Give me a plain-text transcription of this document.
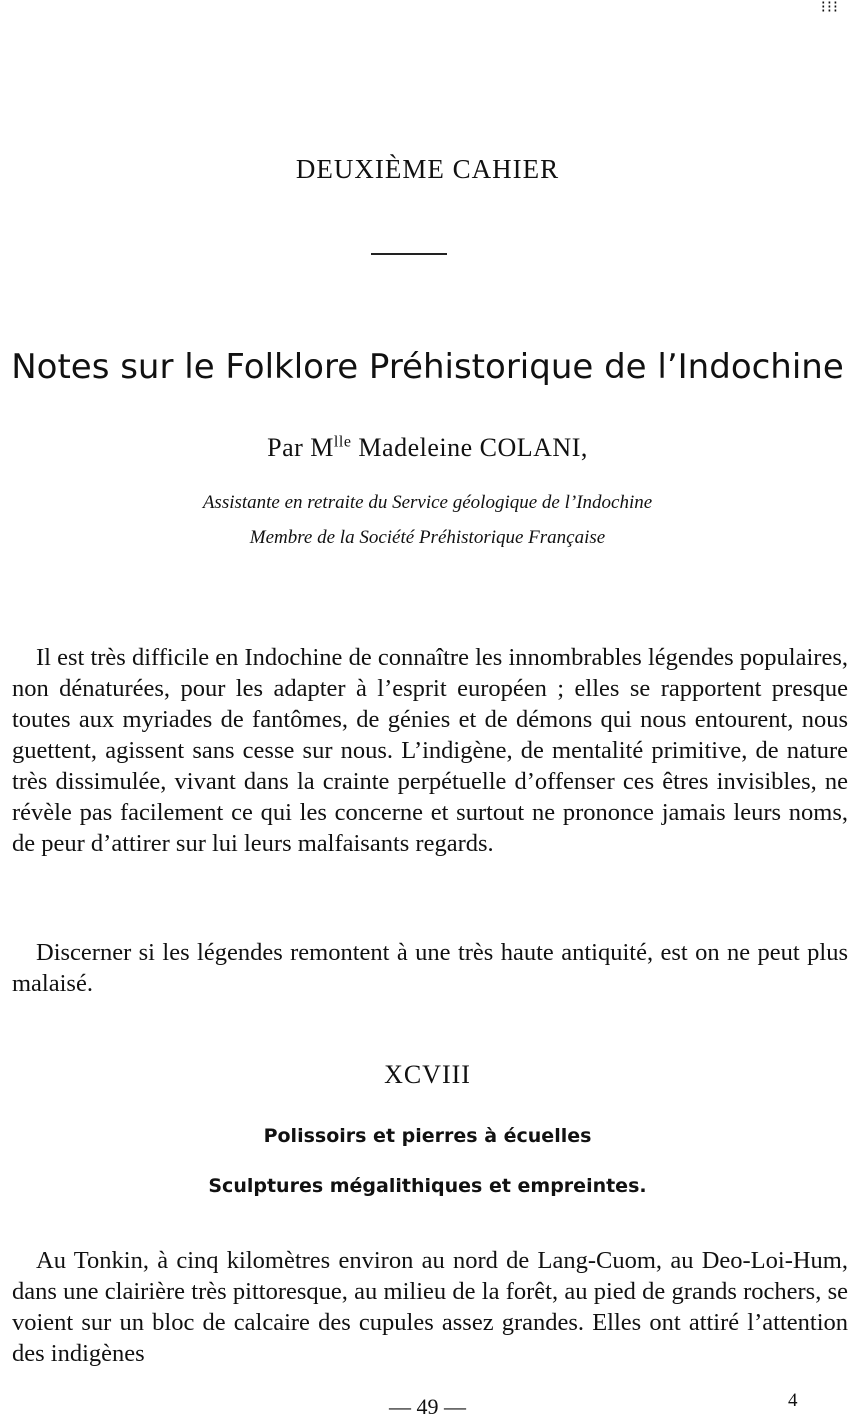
⁝⁝⁝
DEUXIÈME CAHIER
Notes sur le Folklore Préhistorique de l’Indochine
Par $M^{lle}$ Madeleine COLANI,
Assistante en retraite du Service géologique de l’Indochine
Membre de la Société Préhistorique Française

Il est très difficile en Indochine de connaître les innombrables légendes populaires, non dénaturées, pour les adapter à l’esprit européen ; elles se rapportent presque toutes aux myriades de fantômes, de génies et de démons qui nous entourent, nous guettent, agissent sans cesse sur nous. L’indigène, de mentalité primitive, de nature très dissimulée, vivant dans la crainte perpétuelle d’offenser ces êtres invisibles, ne révèle pas facilement ce qui les concerne et surtout ne prononce jamais leurs noms, de peur d’attirer sur lui leurs malfaisants regards.

Discerner si les légendes remontent à une très haute antiquité, est on ne peut plus malaisé.

XCVIII
Polissoirs et pierres à écuelles
Sculptures mégalithiques et empreintes.

Au Tonkin, à cinq kilomètres environ au nord de Lang-Cuom, au Deo-Loi-Hum, dans une clairière très pittoresque, au milieu de la forêt, au pied de grands rochers, se voient sur un bloc de calcaire des cupules assez grandes. Elles ont attiré l’attention des indigènes

— 49 —	4
